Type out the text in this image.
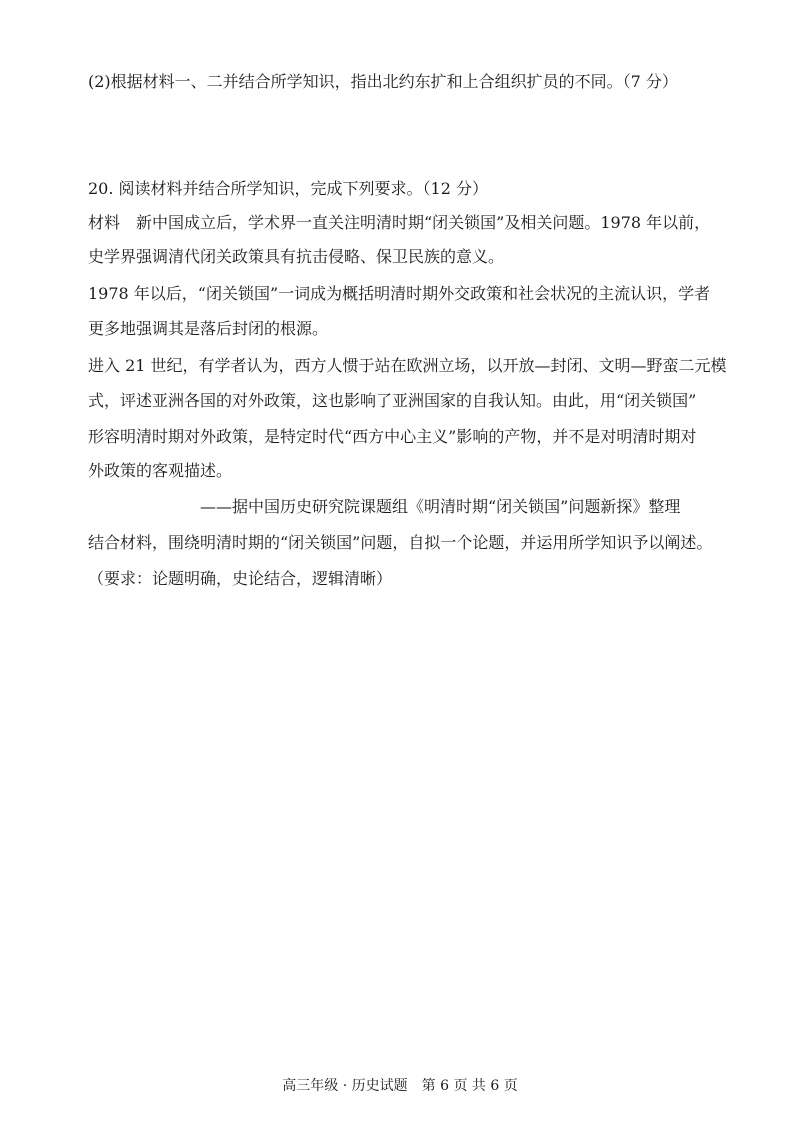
(2)根据材料一、二并结合所学知识，指出北约东扩和上合组织扩员的不同。（7 分）
20. 阅读材料并结合所学知识，完成下列要求。（12 分）
材料　新中国成立后，学术界一直关注明清时期“闭关锁国”及相关问题。1978 年以前，
史学界强调清代闭关政策具有抗击侵略、保卫民族的意义。
1978 年以后，“闭关锁国”一词成为概括明清时期外交政策和社会状况的主流认识，学者
更多地强调其是落后封闭的根源。
进入 21 世纪，有学者认为，西方人惯于站在欧洲立场，以开放—封闭、文明—野蛮二元模
式，评述亚洲各国的对外政策，这也影响了亚洲国家的自我认知。由此，用“闭关锁国”
形容明清时期对外政策，是特定时代“西方中心主义”影响的产物，并不是对明清时期对
外政策的客观描述。
——据中国历史研究院课题组《明清时期“闭关锁国”问题新探》整理
结合材料，围绕明清时期的“闭关锁国”问题，自拟一个论题，并运用所学知识予以阐述。
（要求：论题明确，史论结合，逻辑清晰）
高三年级 · 历史试题　第 6 页 共 6 页
